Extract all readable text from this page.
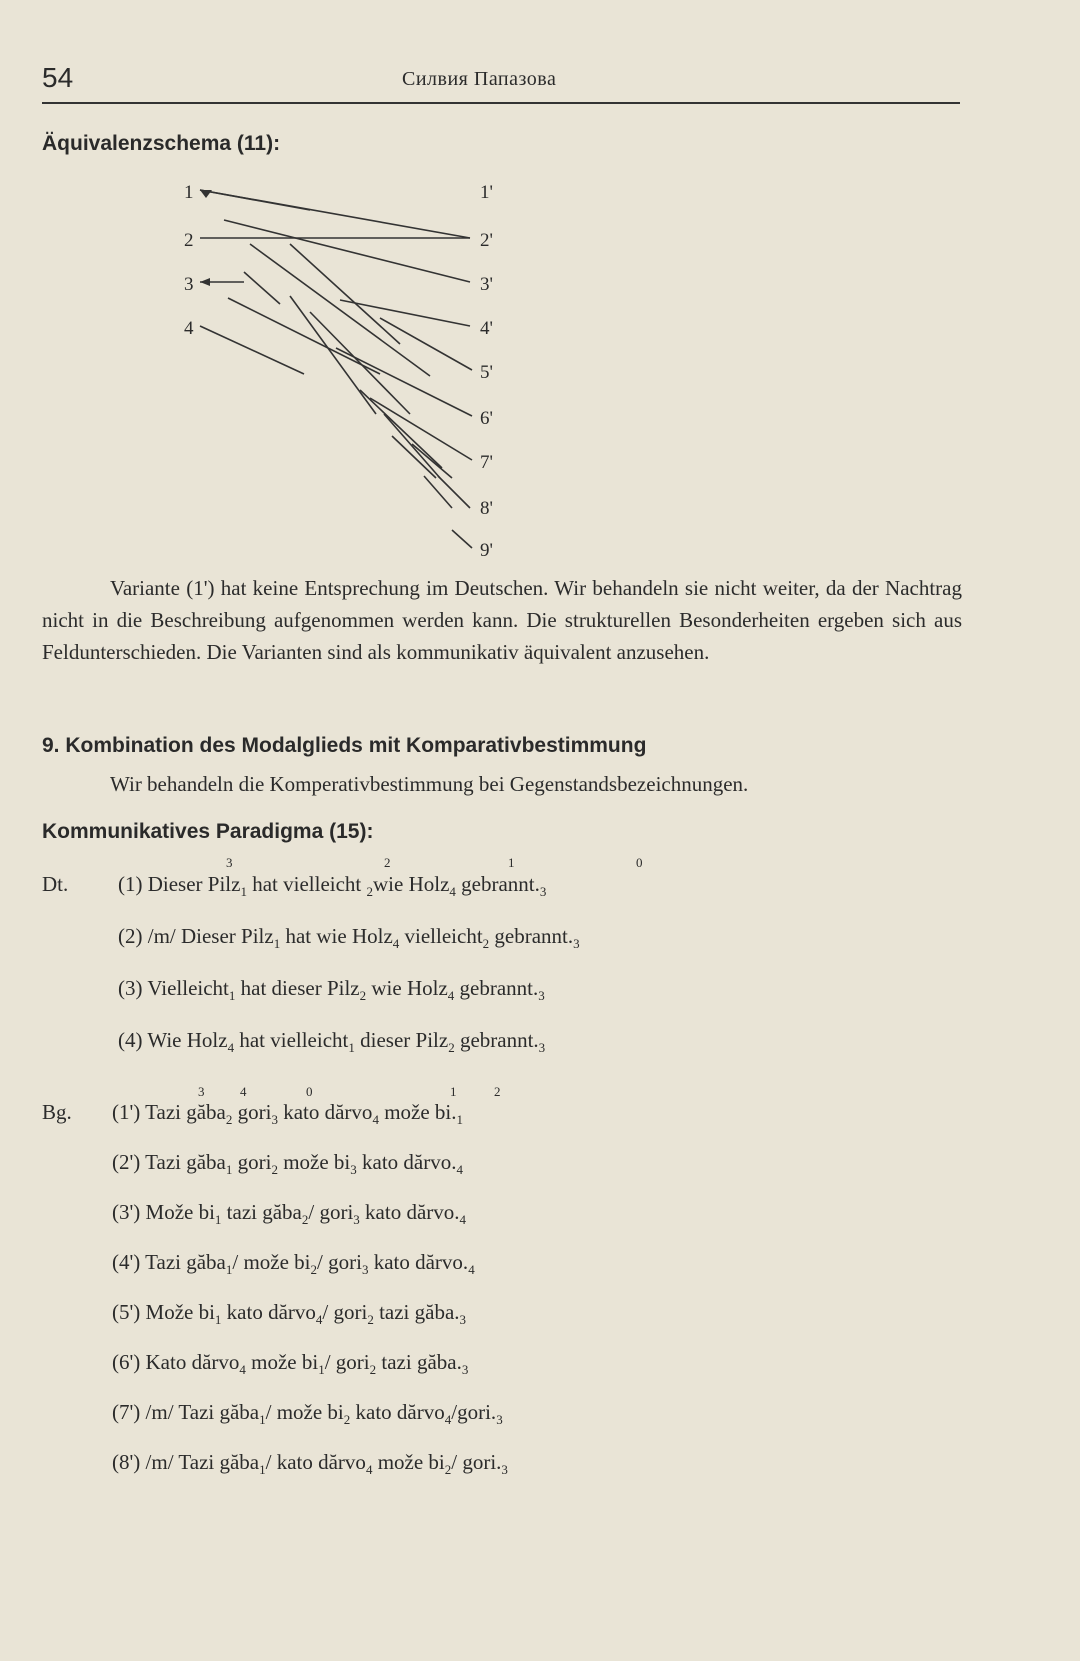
54	Силвия Папазова
Äquivalenzschema (11):
1
2
3
4
1'
2'
3'
4'
5'
6'
7'
8'
9'
Variante (1') hat keine Entsprechung im Deutschen. Wir behandeln sie nicht weiter, da der Nachtrag nicht in die Beschreibung aufgenommen werden kann. Die strukturellen Besonderheiten ergeben sich aus Feldunterschieden. Die Varianten sind als kommunikativ äquivalent anzusehen.
9. Kombination des Modalglieds mit Komparativbestimmung
Wir behandeln die Komperativbestimmung bei Gegenstandsbezeichnungen.
Kommunikatives Paradigma (15):
Dt.
3	2	1	0
(1) Dieser Pilz$_1$ hat vielleicht $_2$wie Holz$_4$ $gebrannt._3$
(2) /m/ Dieser Pilz$_1$ hat wie Holz$_4$ vielleicht$_2$ $gebrannt._3$
(3) Vielleicht$_1$ hat dieser Pilz$_2$ wie Holz$_4$ $gebrannt._3$
(4) Wie Holz$_4$ hat vielleicht$_1$ dieser Pilz$_2$ $gebrannt._3$
Bg.
3	4	0	1	2
(1') Tazi găba$_2$ gori$_3$ kato dărvo$_4$ može $bi._1$
(2') Tazi găba$_1$ gori$_2$ može $bi_3$ kato $dărvo._4$
(3') Može $bi_1$ tazi găba$_2$/ gori$_3$ kato $dărvo._4$
(4') Tazi găba$_1$/ može $bi_2/$ gori$_3$ kato $dărvo._4$
(5') Može $bi_1$ kato dărvo$_4$/ gori$_2$ tazi $găba._3$
(6') Kato dărvo$_4$ može $bi_1/$ gori$_2$ tazi $găba._3$
(7') /m/ Tazi găba$_1$/ može $bi_2$ kato $dărvo_4/gori._3$
(8') /m/ Tazi găba$_1$/ kato dărvo$_4$ može $bi_2/$ $gori._3$
